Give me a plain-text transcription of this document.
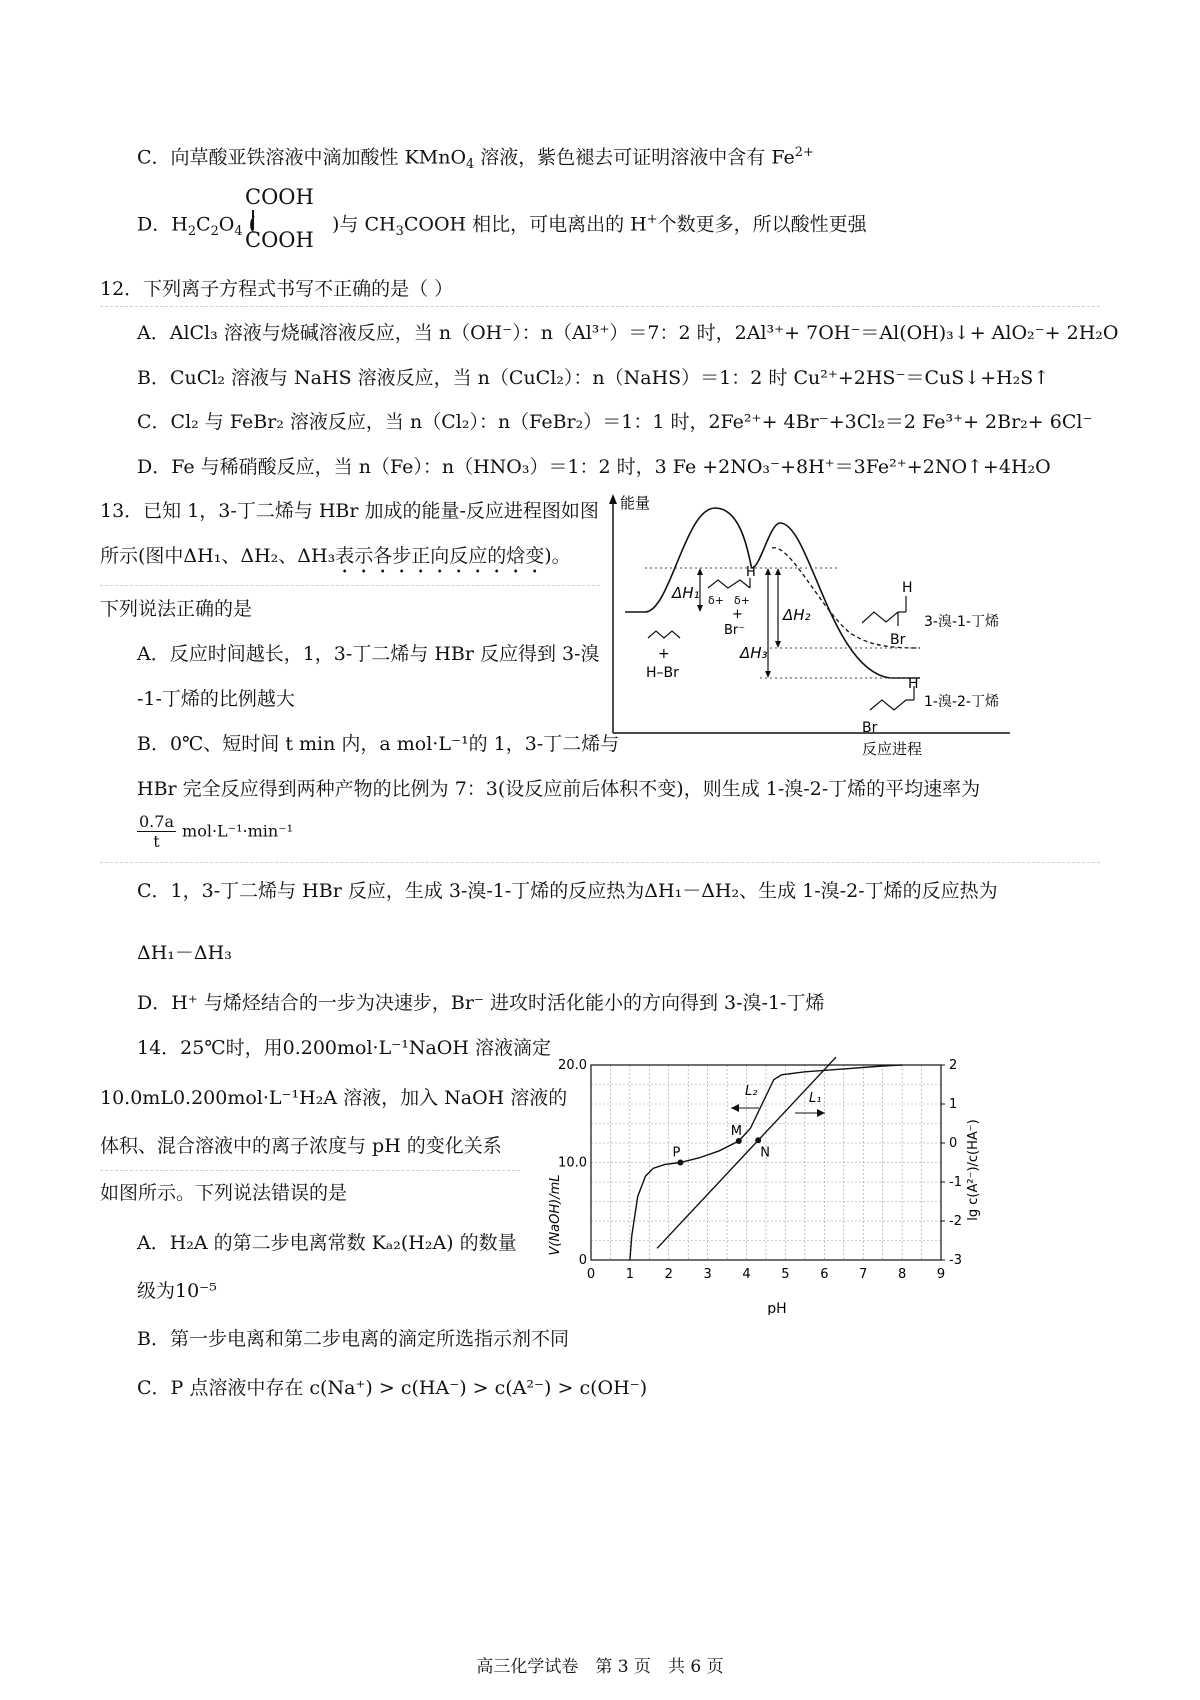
C．向草酸亚铁溶液中滴加酸性 KMnO$_4$ 溶液，紫色褪去可证明溶液中含有 $Fe^{2+}$
D．$H_2C_2O_4$ (	)与 $CH_3COOH$ 相比，可电离出的 H+个数更多，所以酸性更强
COOH
COOH
12．下列离子方程式书写不正确的是（ ）
A．AlCl₃ 溶液与烧碱溶液反应，当 n（OH⁻）：n（Al³⁺）＝7：2 时，2Al³⁺+ 7OH⁻＝Al(OH)₃↓+ AlO₂⁻+ 2H₂O
B．CuCl₂ 溶液与 NaHS 溶液反应，当 n（CuCl₂）：n（NaHS）＝1：2 时 Cu²⁺+2HS⁻＝CuS↓+H₂S↑
C．Cl₂ 与 FeBr₂ 溶液反应，当 n（Cl₂）：n（FeBr₂）＝1：1 时，2Fe²⁺+ 4Br⁻+3Cl₂＝2 Fe³⁺+ 2Br₂+ 6Cl⁻
D．Fe 与稀硝酸反应，当 n（Fe）：n（HNO₃）＝1：2 时，3 Fe +2NO₃⁻+8H⁺＝3Fe²⁺+2NO↑+4H₂O
13．已知 1，3-丁二烯与 HBr 加成的能量-反应进程图如图
所示(图中ΔH₁、ΔH₂、ΔH₃表示各步正向反应的焓变)。
下列说法正确的是
A．反应时间越长，1，3-丁二烯与 HBr 反应得到 3-溴
-1-丁烯的比例越大
B．0℃、短时间 t min 内，a mol·L⁻¹的 1，3-丁二烯与
HBr 完全反应得到两种产物的比例为 7：3(设反应前后体积不变)，则生成 1-溴-2-丁烯的平均速率为
$\frac{0.7a}{t} mol\cdot L^{-1}\cdot\min^{-1}$
C．1，3-丁二烯与 HBr 反应，生成 3-溴-1-丁烯的反应热为ΔH₁－ΔH₂、生成 1-溴-2-丁烯的反应热为
ΔH₁－ΔH₃
D．H⁺ 与烯烃结合的一步为决速步，Br⁻ 进攻时活化能小的方向得到 3-溴-1-丁烯
能量
反应进程
ΔH₁
ΔH₂
ΔH₃
+
H–Br
H
δ+ δ+
+
Br⁻
H
Br
3-溴-1-丁烯
H
Br
1-溴-2-丁烯
14．25℃时，用0.200mol·L⁻¹NaOH 溶液滴定
10.0mL0.200mol·L⁻¹H₂A 溶液，加入 NaOH 溶液的
体积、混合溶液中的离子浓度与 pH 的变化关系
如图所示。下列说法错误的是
A．H₂A 的第二步电离常数 Kₐ₂(H₂A) 的数量
级为10⁻⁵
B．第一步电离和第二步电离的滴定所选指示剂不同
C．P 点溶液中存在 c(Na⁺) > c(HA⁻) > c(A²⁻) > c(OH⁻)
0 1 2 3 4 5 6 7 8 9
0
10.0
20.0
-3
-2
-1
0
1
2
P
M
N
pH
V(NaOH)/mL	lg c(A²⁻)/c(HA⁻)
L₂	L₁
高三化学试卷　第 3 页　共 6 页
